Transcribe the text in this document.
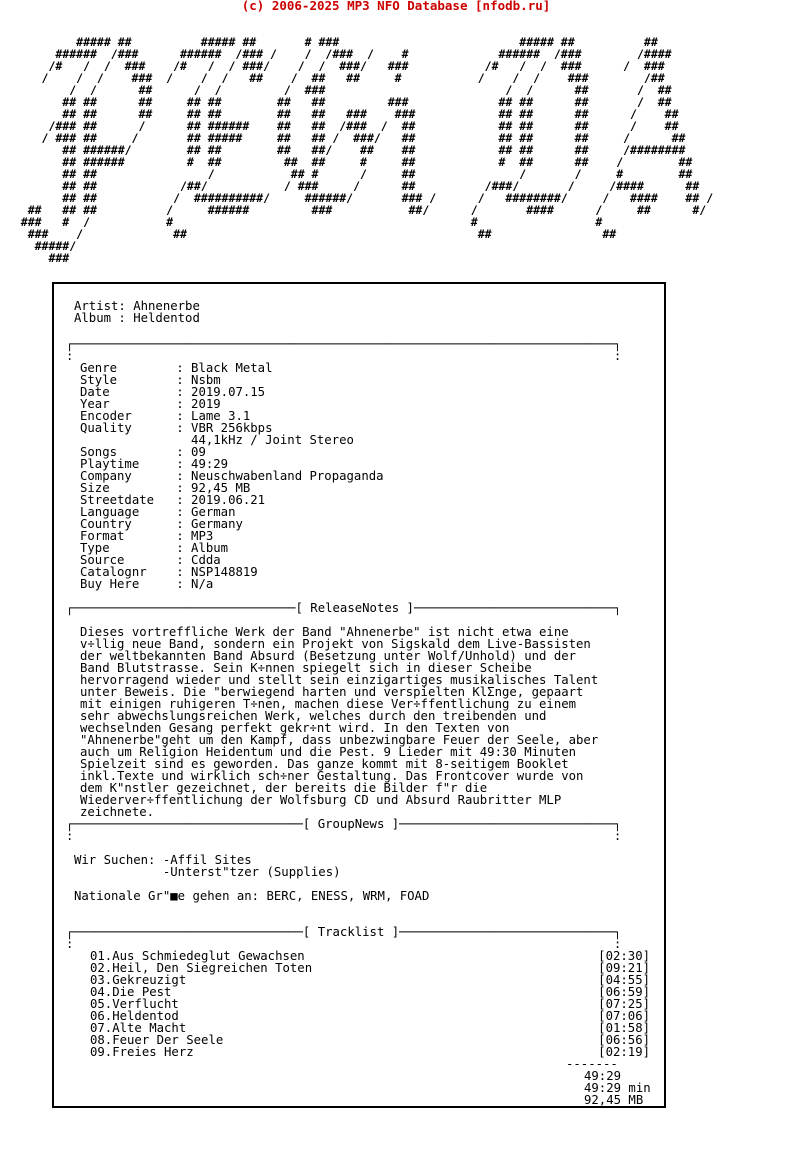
(c) 2006-2025 MP3 NFO Database [nfodb.ru]
##### ##          ##### ##       # ###                          ##### ##          ##
######  /###      ######  /### /    /  /###  /    #             ######  /###        /####
/#   /  /  ###    /#   /  / ###/    /  /  ###/   ###           /#   /  /  ###      /  ###
/    /  /    ###  /    /  /   ##    /  ##   ##     #           /    /  /    ###        /##
/  /      ##      /  /         /  ###                          /  /      ##       /  ##
## ##      ##     ## ##        ##   ##         ###             ## ##      ##       /  ##
## ##      ##     ## ##        ##   ##   ###    ###            ## ##      ##      /    ##
/### ##      /      ## ######    ##   ##  /###  /  ##            ## ##      ##      /    ##
/ ### ##     /       ## #####     ##   ## /  ###/   ##            ## ##      ##     /      ##
## ######/        ## ##        ##   ##/    ##    ##            ## ##      ##     /########
## ######         #  ##         ##  ##     #     ##            #  ##      ##    /        ##
## ##                /           ## #      /     ##               /       /     #        ##
## ##            /##/           / ###     /      ##          /###/       /     /####      ##
## ##           /  ##########/     ######/       ### /      /   ########/     /   ####    ## /
##   ## ##          /     ######         ###           ##/      /       ####      /     ##      #/
###   #  /           #                                           #                 #
###    /             ##                                          ##                ##
#####/
###
Artist: Ahnenerbe
Album : Heldentod
┌─────────────────────────────────────────────────────────────────────────┐
:                                                                         :
Genre        : Black Metal
Style        : Nsbm
Date         : 2019.07.15
Year         : 2019
Encoder      : Lame 3.1
Quality      : VBR 256kbps
44,1kHz / Joint Stereo
Songs        : 09
Playtime     : 49:29
Company      : Neuschwabenland Propaganda
Size         : 92,45 MB
Streetdate   : 2019.06.21
Language     : German
Country      : Germany
Format       : MP3
Type         : Album
Source       : Cdda
Catalognr    : NSP148819
Buy Here     : N/a
┌──────────────────────────────[ ReleaseNotes ]───────────────────────────┐
Dieses vortreffliche Werk der Band "Ahnenerbe" ist nicht etwa eine
v÷llig neue Band, sondern ein Projekt von Sigskald dem Live-Bassisten
der weltbekannten Band Absurd (Besetzung unter Wolf/Unhold) und der
Band Blutstrasse. Sein K÷nnen spiegelt sich in dieser Scheibe
hervorragend wieder und stellt sein einzigartiges musikalisches Talent
unter Beweis. Die "berwiegend harten und verspielten KlΣnge, gepaart
mit einigen ruhigeren T÷nen, machen diese Ver÷ffentlichung zu einem
sehr abwechslungsreichen Werk, welches durch den treibenden und
wechselnden Gesang perfekt gekr÷nt wird. In den Texten von
"Ahnenerbe"geht um den Kampf, dass unbezwingbare Feuer der Seele, aber
auch um Religion Heidentum und die Pest. 9 Lieder mit 49:30 Minuten
Spielzeit sind es geworden. Das ganze kommt mit 8-seitigem Booklet
inkl.Texte und wirklich sch÷ner Gestaltung. Das Frontcover wurde von
dem K"nstler gezeichnet, der bereits die Bilder f"r die
Wiederver÷ffentlichung der Wolfsburg CD und Absurd Raubritter MLP
zeichnete.
┌───────────────────────────────[ GroupNews ]─────────────────────────────┐
:                                                                         :
Wir Suchen: -Affil Sites
-Unterst"tzer (Supplies)
Nationale Gr"■e gehen an: BERC, ENESS, WRM, FOAD
┌───────────────────────────────[ Tracklist ]─────────────────────────────┐
:                                                                         :
01.Aus Schmiedeglut Gewachsen	[02:30]
02.Heil, Den Siegreichen Toten	[09:21]
03.Gekreuzigt	[04:55]
04.Die Pest	[06:59]
05.Verflucht	[07:25]
06.Heldentod	[07:06]
07.Alte Macht	[01:58]
08.Feuer Der Seele	[06:56]
09.Freies Herz	[02:19]
-------
49:29
49:29 min
92,45 MB
